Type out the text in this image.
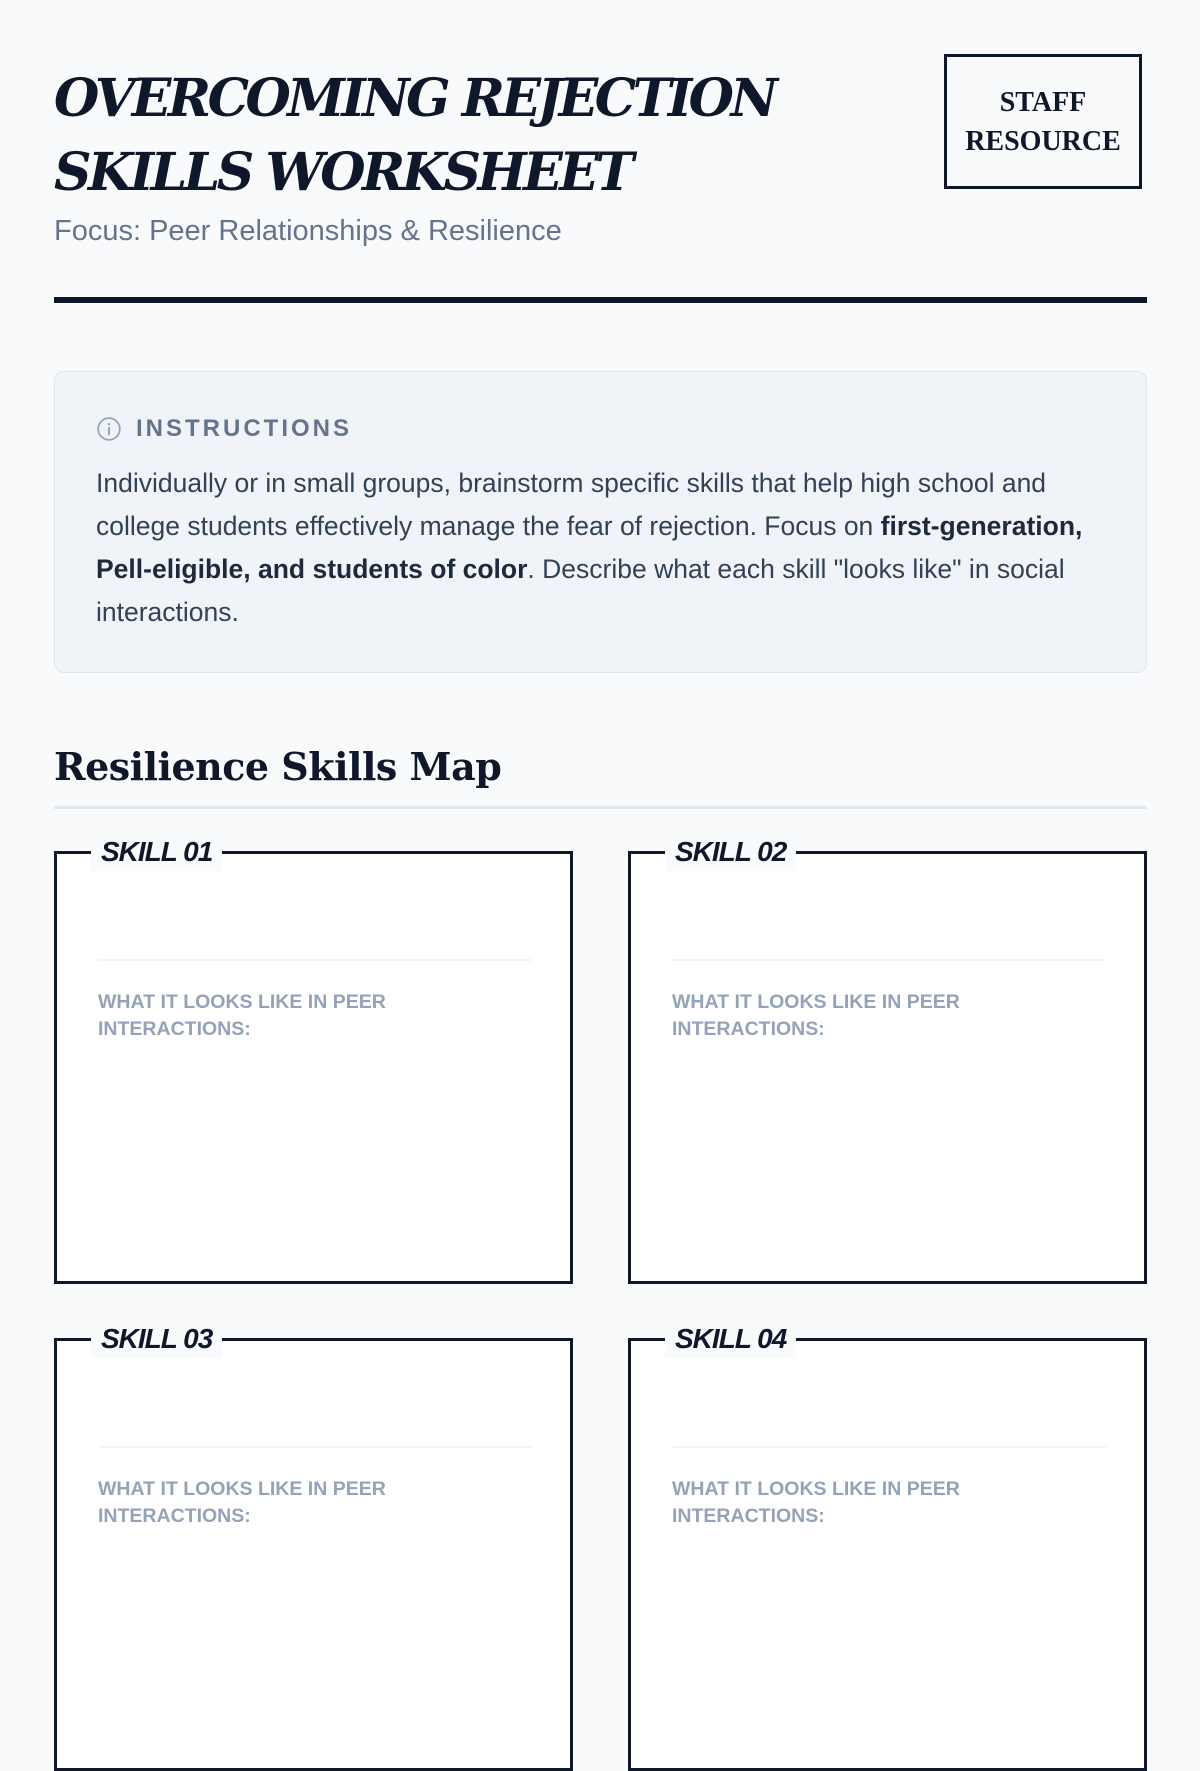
OVERCOMING REJECTION SKILLS WORKSHEET
Focus: Peer Relationships & Resilience
STAFF RESOURCE
INSTRUCTIONS

Individually or in small groups, brainstorm specific skills that help high school and college students effectively manage the fear of rejection. Focus on first-generation, Pell-eligible, and students of color. Describe what each skill "looks like" in social interactions.

Resilience Skills Map
SKILL 01
WHAT IT LOOKS LIKE IN PEER INTERACTIONS:
SKILL 02
WHAT IT LOOKS LIKE IN PEER INTERACTIONS:
SKILL 03
WHAT IT LOOKS LIKE IN PEER INTERACTIONS:
SKILL 04
WHAT IT LOOKS LIKE IN PEER INTERACTIONS:
